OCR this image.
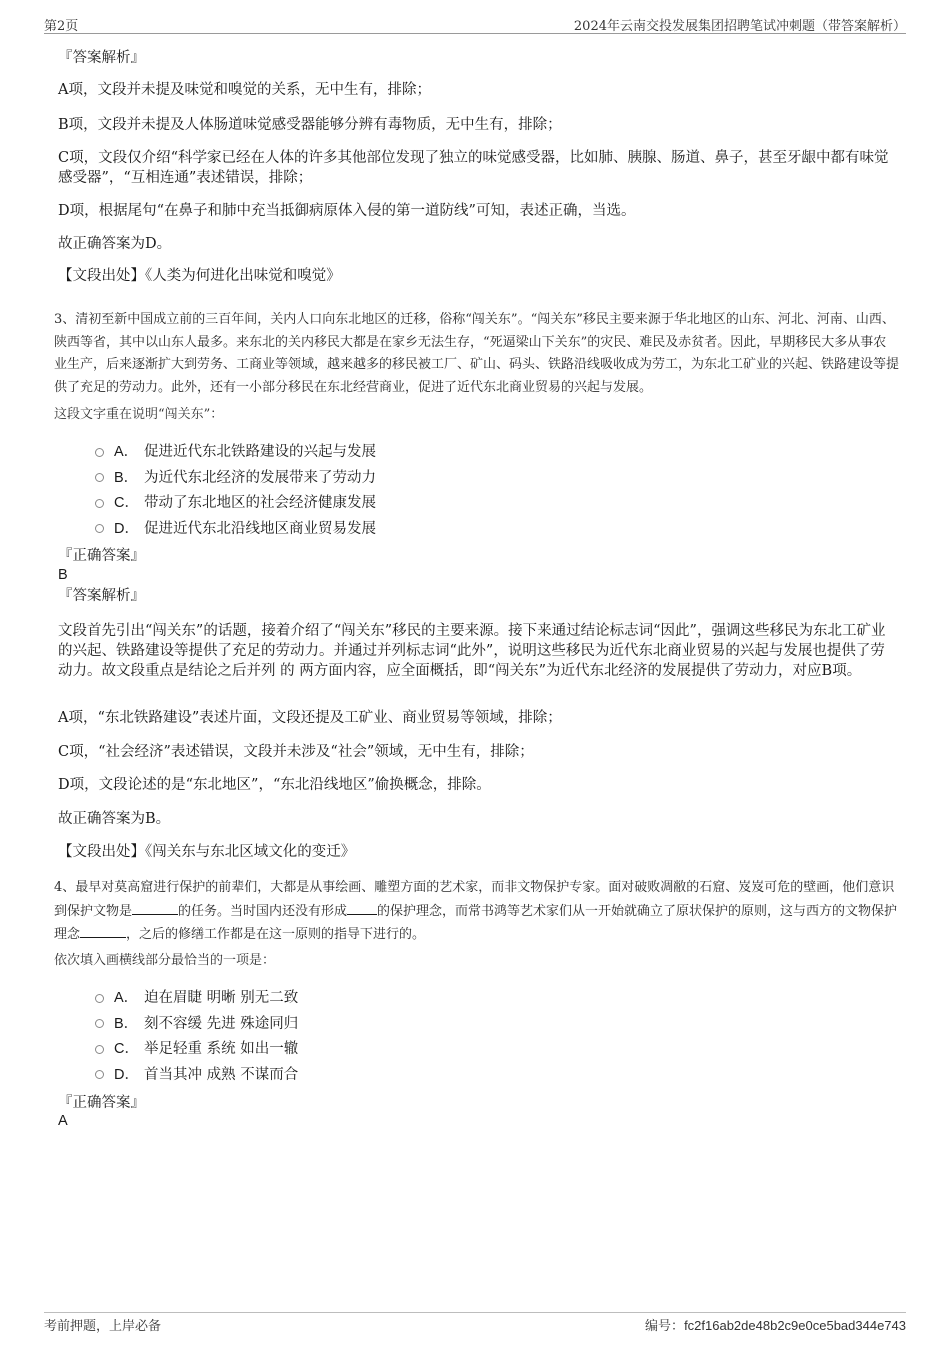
第2页	2024年云南交投发展集团招聘笔试冲刺题（带答案解析）

『答案解析』

A项，文段并未提及味觉和嗅觉的关系，无中生有，排除；

B项，文段并未提及人体肠道味觉感受器能够分辨有毒物质，无中生有，排除；

C项，文段仅介绍“科学家已经在人体的许多其他部位发现了独立的味觉感受器，比如肺、胰腺、肠道、鼻子，甚至牙龈中都有味觉感受器”，“互相连通”表述错误，排除；

D项，根据尾句“在鼻子和肺中充当抵御病原体入侵的第一道防线”可知，表述正确，当选。

故正确答案为D。

【文段出处】《人类为何进化出味觉和嗅觉》

3、清初至新中国成立前的三百年间，关内人口向东北地区的迁移，俗称“闯关东”。“闯关东”移民主要来源于华北地区的山东、河北、河南、山西、陕西等省，其中以山东人最多。来东北的关内移民大都是在家乡无法生存，“死逼梁山下关东”的灾民、难民及赤贫者。因此，早期移民大多从事农业生产，后来逐渐扩大到劳务、工商业等领域，越来越多的移民被工厂、矿山、码头、铁路沿线吸收成为劳工，为东北工矿业的兴起、铁路建设等提供了充足的劳动力。此外，还有一小部分移民在东北经营商业，促进了近代东北商业贸易的兴起与发展。

这段文字重在说明“闯关东”：

A． 促进近代东北铁路建设的兴起与发展
B． 为近代东北经济的发展带来了劳动力
C． 带动了东北地区的社会经济健康发展
D． 促进近代东北沿线地区商业贸易发展

『正确答案』

B

『答案解析』

文段首先引出“闯关东”的话题，接着介绍了“闯关东”移民的主要来源。接下来通过结论标志词“因此”，强调这些移民为东北工矿业的兴起、铁路建设等提供了充足的劳动力。并通过并列标志词“此外”，说明这些移民为近代东北商业贸易的兴起与发展也提供了劳动力。故文段重点是结论之后并列 的 两方面内容，应全面概括，即“闯关东”为近代东北经济的发展提供了劳动力，对应B项。

A项，“东北铁路建设”表述片面，文段还提及工矿业、商业贸易等领域，排除；

C项，“社会经济”表述错误，文段并未涉及“社会”领域，无中生有，排除；

D项，文段论述的是“东北地区”，“东北沿线地区”偷换概念，排除。

故正确答案为B。

【文段出处】《闯关东与东北区域文化的变迁》

4、最早对莫高窟进行保护的前辈们，大都是从事绘画、雕塑方面的艺术家，而非文物保护专家。面对破败凋敝的石窟、岌岌可危的壁画，他们意识到保护文物是	的任务。当时国内还没有形成 的保护理念，而常书鸿等艺术家们从一开始就确立了原状保护的原则，这与西方的文物保护理念	，之后的修缮工作都是在这一原则的指导下进行的。

依次填入画横线部分最恰当的一项是：

A． 迫在眉睫 明晰 别无二致
B． 刻不容缓 先进 殊途同归
C． 举足轻重 系统 如出一辙
D． 首当其冲 成熟 不谋而合

『正确答案』

A

考前押题，上岸必备	编号：fc2f16ab2de48b2c9e0ce5bad344e743
